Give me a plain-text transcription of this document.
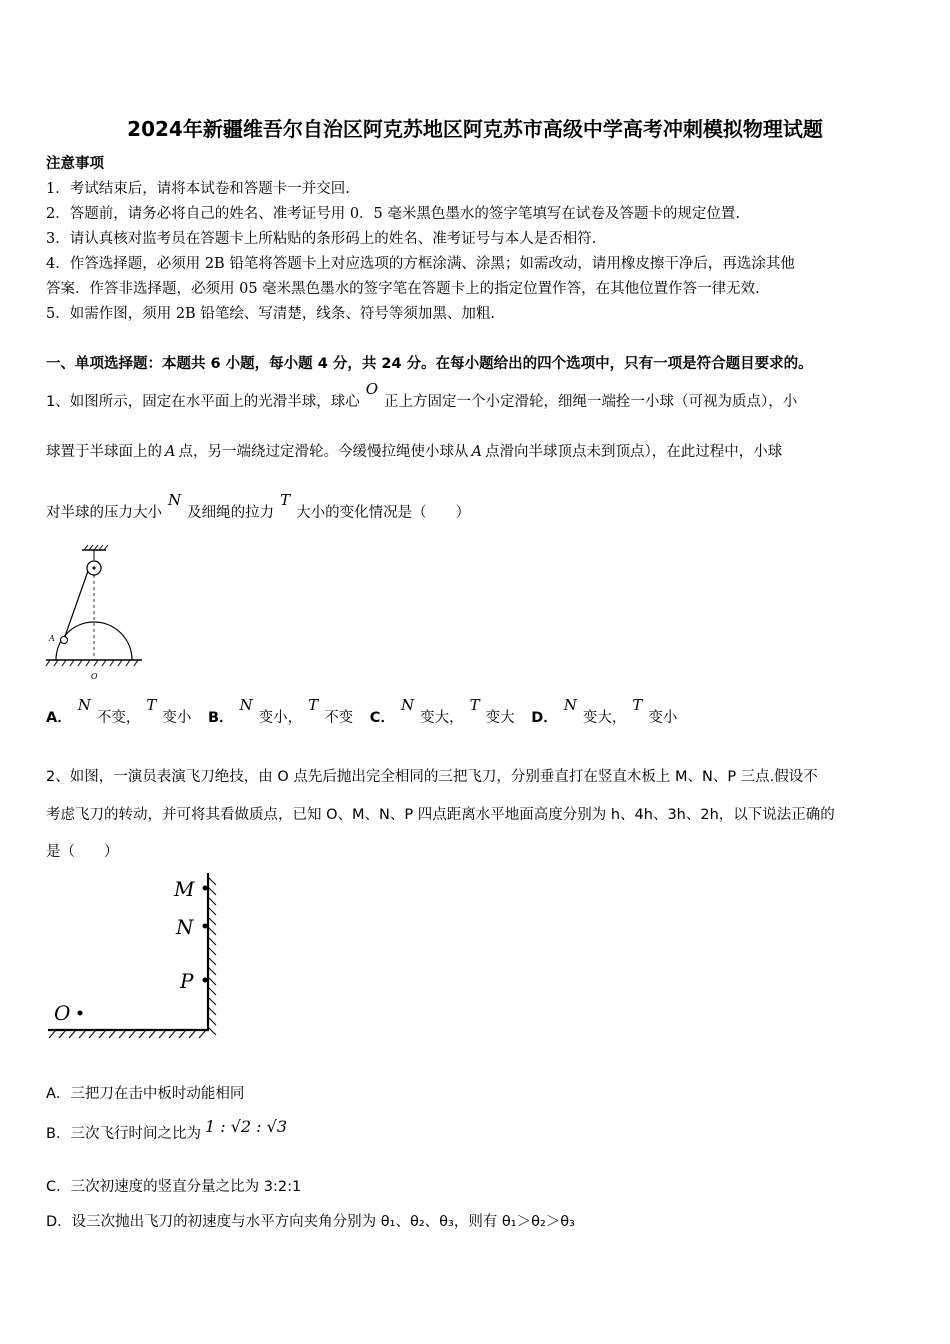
2024年新疆维吾尔自治区阿克苏地区阿克苏市高级中学高考冲刺模拟物理试题
注意事项
1．考试结束后，请将本试卷和答题卡一并交回.
2．答题前，请务必将自己的姓名、准考证号用 0．5 毫米黑色墨水的签字笔填写在试卷及答题卡的规定位置.
3．请认真核对监考员在答题卡上所粘贴的条形码上的姓名、准考证号与本人是否相符.
4．作答选择题，必须用 2B 铅笔将答题卡上对应选项的方框涂满、涂黑；如需改动，请用橡皮擦干净后，再选涂其他
答案．作答非选择题，必须用 05 毫米黑色墨水的签字笔在答题卡上的指定位置作答，在其他位置作答一律无效.
5．如需作图，须用 2B 铅笔绘、写清楚，线条、符号等须加黑、加粗.
一、单项选择题：本题共 6 小题，每小题 4 分，共 24 分。在每小题给出的四个选项中，只有一项是符合题目要求的。
1、如图所示，固定在水平面上的光滑半球，球心O正上方固定一个小定滑轮，细绳一端拴一小球（可视为质点），小
球置于半球面上的 A 点，另一端绕过定滑轮。今缓慢拉绳使小球从 A 点滑向半球顶点未到顶点），在此过程中，小球
对半球的压力大小N及细绳的拉力T大小的变化情况是（　　）
A
O
A．N不变，T变小 B．N变小，T不变 C．N变大，T变大 D．N变大，T变小
2、如图，一演员表演飞刀绝技，由 O 点先后抛出完全相同的三把飞刀，分别垂直打在竖直木板上 M、N、P 三点.假设不
考虑飞刀的转动，并可将其看做质点，已知 O、M、N、P 四点距离水平地面高度分别为 h、4h、3h、2h，以下说法正确的
是（　　）
M
N
P
O
A．三把刀在击中板时动能相同
B．三次飞行时间之比为 1 : √2 : √3
C．三次初速度的竖直分量之比为 3:2:1
D．设三次抛出飞刀的初速度与水平方向夹角分别为 θ₁、θ₂、θ₃，则有 θ₁＞θ₂＞θ₃
